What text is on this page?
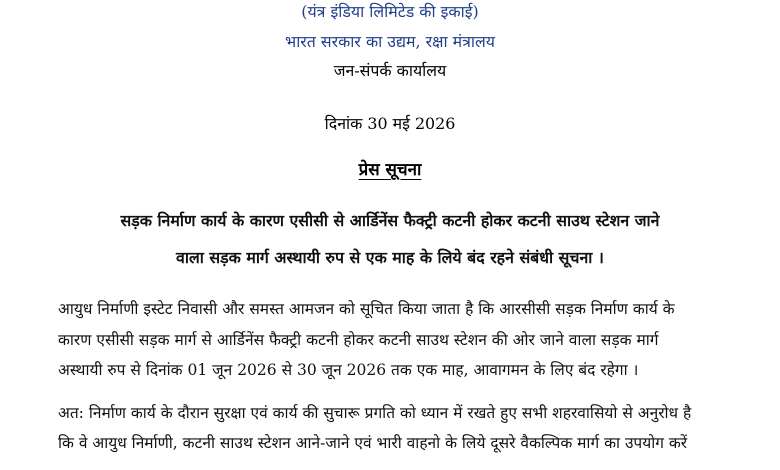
(यंत्र इंडिया लिमिटेड की इकाई)
भारत सरकार का उद्यम, रक्षा मंत्रालय
जन-संपर्क कार्यालय
दिनांक 30 मई 2026
प्रेस सूचना
सड़क निर्माण कार्य के कारण एसीसी से आर्डिनेंस फैक्ट्री कटनी होकर कटनी साउथ स्टेशन जाने
वाला सड़क मार्ग अस्थायी रुप से एक माह के लिये बंद रहने संबंधी सूचना ।
आयुध निर्माणी इस्टेट निवासी और समस्त आमजन को सूचित किया जाता है कि आरसीसी सड़क निर्माण कार्य के
कारण एसीसी सड़क मार्ग से आर्डिनेंस फैक्ट्री कटनी होकर कटनी साउथ स्टेशन की ओर जाने वाला सड़क मार्ग
अस्थायी रुप से दिनांक 01 जून 2026 से 30 जून 2026 तक एक माह, आवागमन के लिए बंद रहेगा ।
अत: निर्माण कार्य के दौरान सुरक्षा एवं कार्य की सुचारू प्रगति को ध्यान में रखते हुए सभी शहरवासियो से अनुरोध है
कि वे आयुध निर्माणी, कटनी साउथ स्टेशन आने-जाने एवं भारी वाहनो के लिये दूसरे वैकल्पिक मार्ग का उपयोग करें
